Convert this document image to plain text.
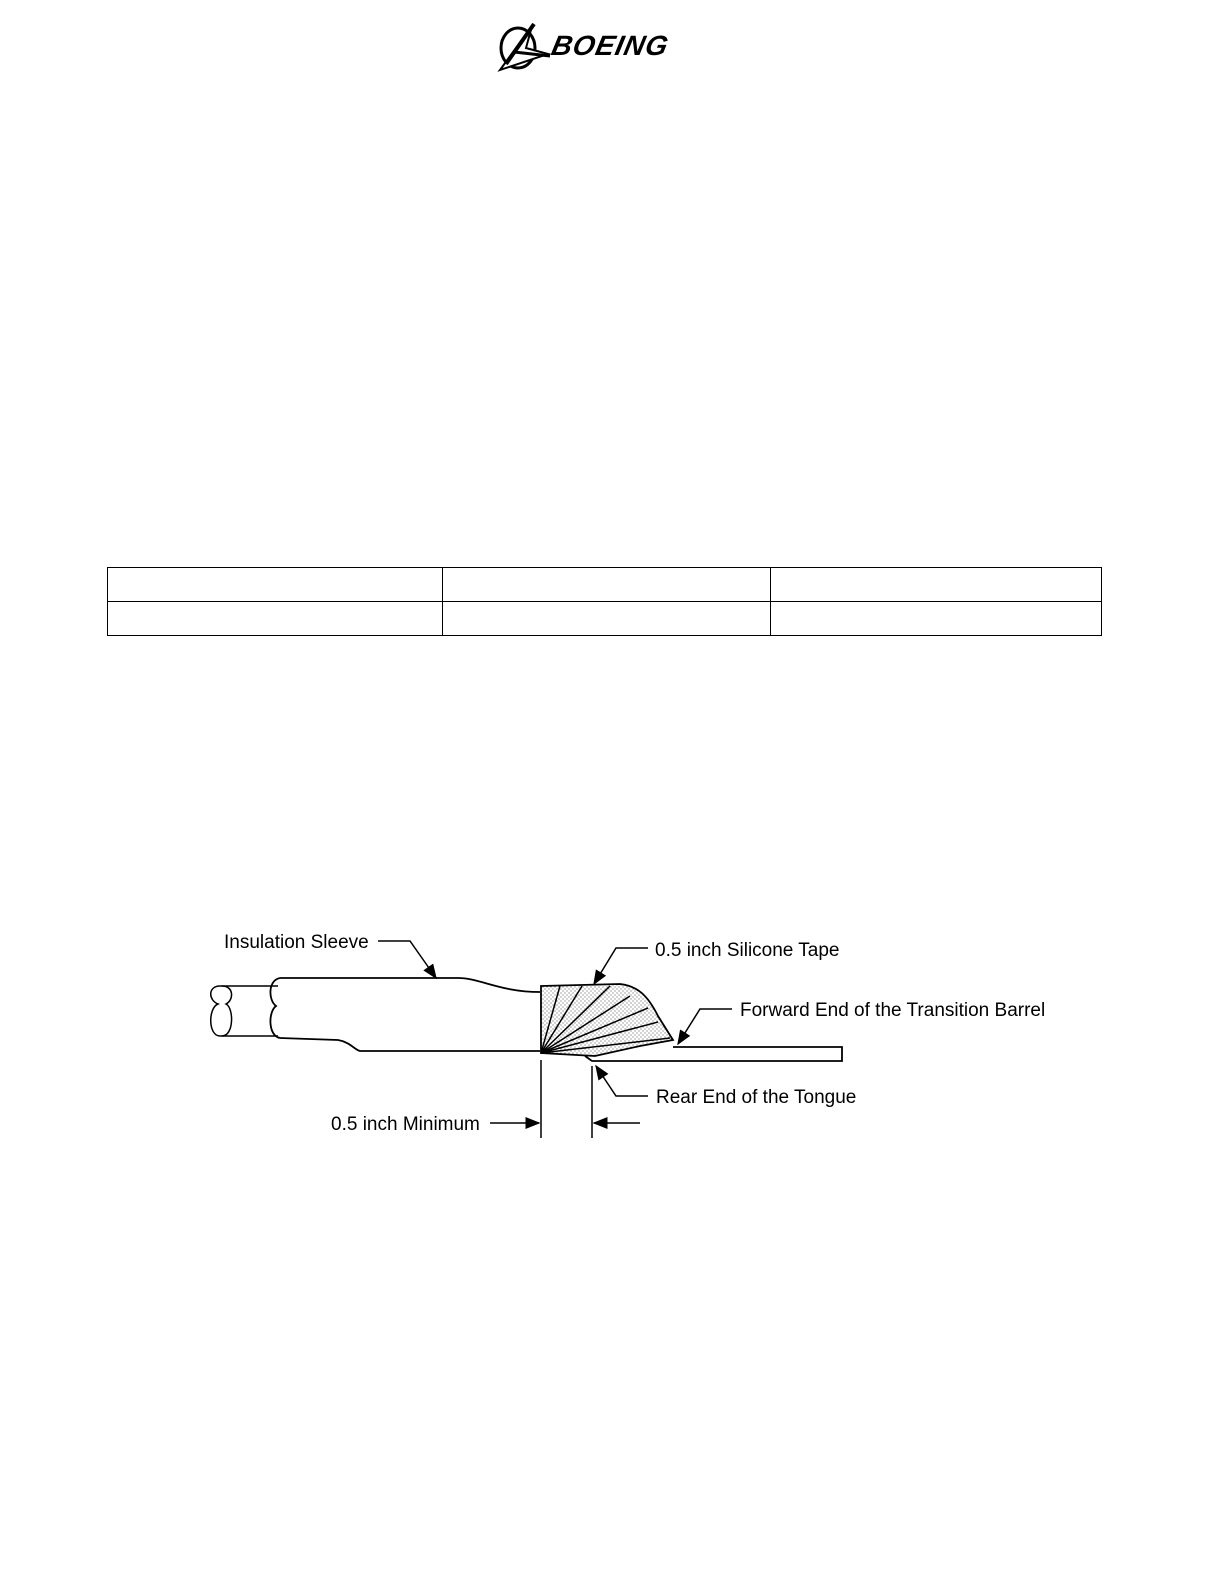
BOEING

Insulation Sleeve	0.5 inch Silicone Tape
Forward End of the Transition Barrel
Rear End of the Tongue
0.5 inch Minimum
